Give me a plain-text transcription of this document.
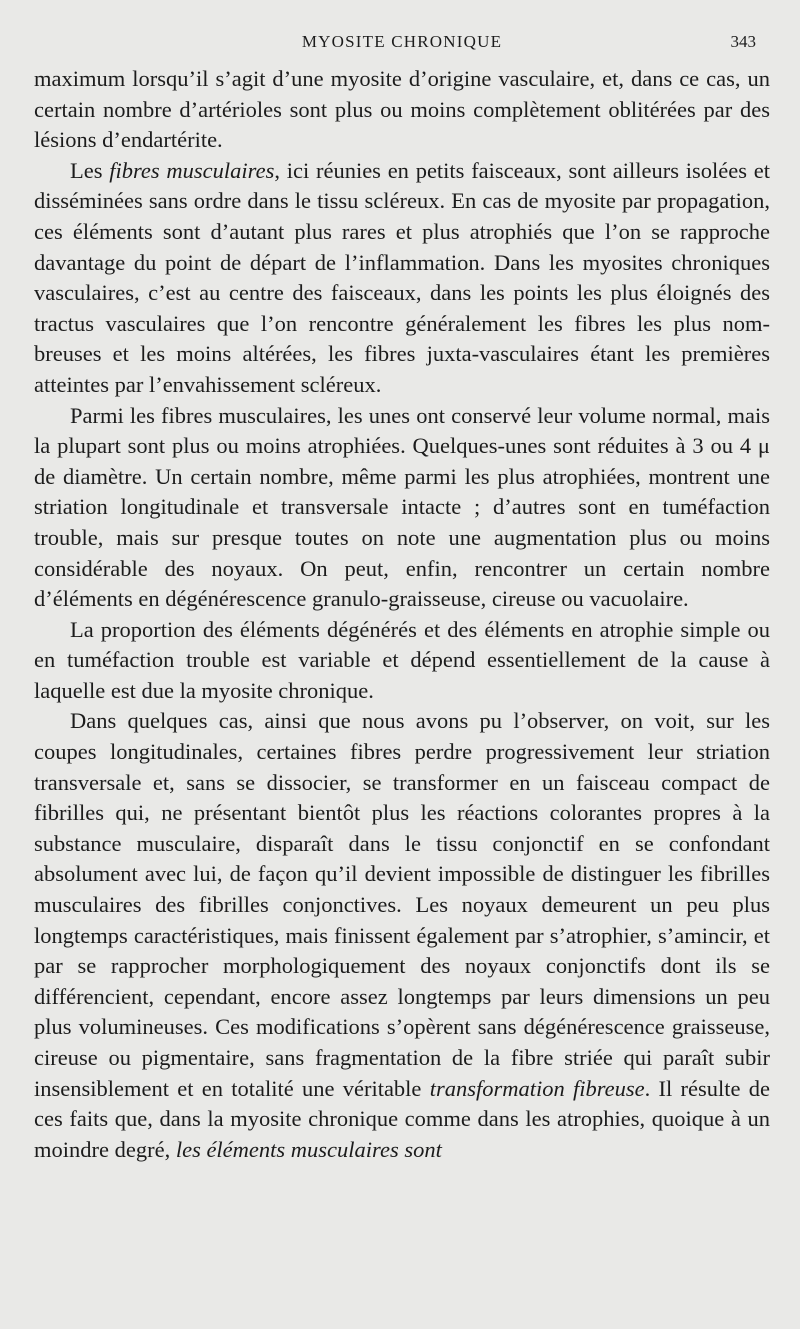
MYOSITE CHRONIQUE	343

maximum lorsqu’il s’agit d’une myosite d’origine vasculaire, et, dans ce cas, un certain nombre d’artérioles sont plus ou moins complètement oblitérées par des lésions d’endartérite.

Les fibres musculaires, ici réunies en petits faisceaux, sont ailleurs isolées et disséminées sans ordre dans le tissu scléreux. En cas de myosite par propagation, ces éléments sont d’autant plus rares et plus atrophiés que l’on se rapproche davantage du point de départ de l’inflammation. Dans les myosites chroniques vasculaires, c’est au centre des faisceaux, dans les points les plus éloignés des tractus vasculaires que l’on rencontre généralement les fibres les plus nombreuses et les moins altérées, les fibres juxta-vasculaires étant les premières atteintes par l’envahissement scléreux.

Parmi les fibres musculaires, les unes ont conservé leur volume normal, mais la plupart sont plus ou moins atrophiées. Quelques-unes sont réduites à 3 ou 4 μ de diamètre. Un certain nombre, même parmi les plus atrophiées, montrent une striation longitudinale et transversale intacte ; d’autres sont en tuméfaction trouble, mais sur presque toutes on note une augmentation plus ou moins considérable des noyaux. On peut, enfin, rencontrer un certain nombre d’éléments en dégénérescence granulo-graisseuse, cireuse ou vacuolaire.

La proportion des éléments dégénérés et des éléments en atrophie simple ou en tuméfaction trouble est variable et dépend essentiellement de la cause à laquelle est due la myosite chronique.

Dans quelques cas, ainsi que nous avons pu l’observer, on voit, sur les coupes longitudinales, certaines fibres perdre progressivement leur striation transversale et, sans se dissocier, se transformer en un faisceau compact de fibrilles qui, ne présentant bientôt plus les réactions colorantes propres à la substance musculaire, disparaît dans le tissu conjonctif en se confondant absolument avec lui, de façon qu’il devient impossible de distinguer les fibrilles musculaires des fibrilles conjonctives. Les noyaux demeurent un peu plus longtemps caractéristiques, mais finissent également par s’atrophier, s’amincir, et par se rapprocher morphologiquement des noyaux conjonctifs dont ils se différencient, cependant, encore assez longtemps par leurs dimensions un peu plus volumineuses. Ces modifications s’opèrent sans dégénérescence graisseuse, cireuse ou pigmentaire, sans fragmentation de la fibre striée qui paraît subir insensiblement et en totalité une véritable transformation fibreuse. Il résulte de ces faits que, dans la myosite chronique comme dans les atrophies, quoique à un moindre degré, les éléments musculaires sont
